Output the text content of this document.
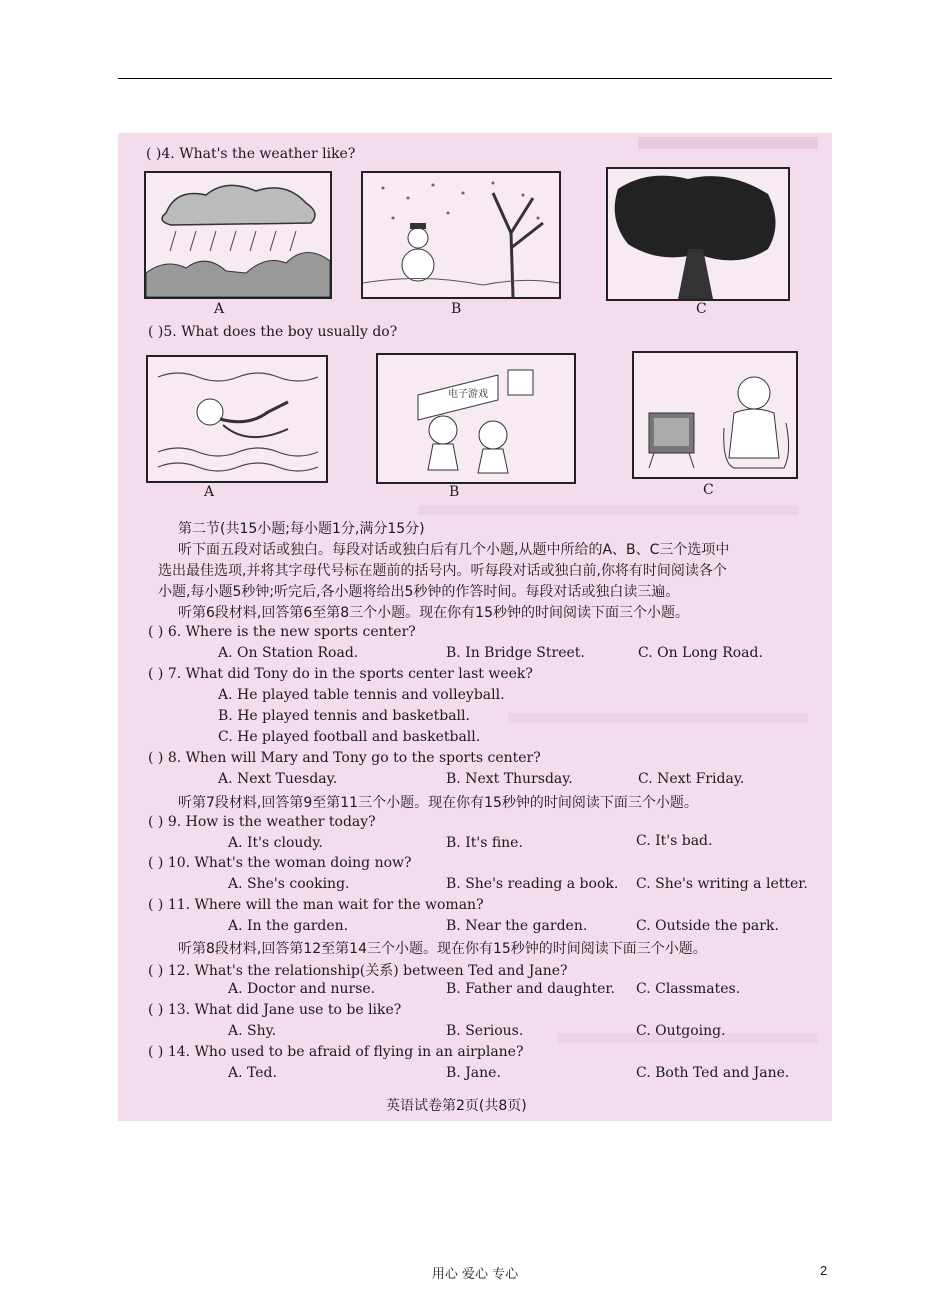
( )4. What's the weather like?
A	B	C
( )5. What does the boy usually do?
A
电子游戏
B	C
第二节(共15小题;每小题1分,满分15分)
听下面五段对话或独白。每段对话或独白后有几个小题,从题中所给的A、B、C三个选项中
选出最佳选项,并将其字母代号标在题前的括号内。听每段对话或独白前,你将有时间阅读各个
小题,每小题5秒钟;听完后,各小题将给出5秒钟的作答时间。每段对话或独白读三遍。
听第6段材料,回答第6至第8三个小题。现在你有15秒钟的时间阅读下面三个小题。
( ) 6. Where is the new sports center?
A. On Station Road.	B. In Bridge Street.	C. On Long Road.
( ) 7. What did Tony do in the sports center last week?
A. He played table tennis and volleyball.
B. He played tennis and basketball.
C. He played football and basketball.
( ) 8. When will Mary and Tony go to the sports center?
A. Next Tuesday.	B. Next Thursday.	C. Next Friday.
听第7段材料,回答第9至第11三个小题。现在你有15秒钟的时间阅读下面三个小题。
( ) 9. How is the weather today?
A. It's cloudy.	B. It's fine.	C. It's bad.
( ) 10. What's the woman doing now?
A. She's cooking.	B. She's reading a book. C. She's writing a letter.
( ) 11. Where will the man wait for the woman?
A. In the garden.	B. Near the garden.	C. Outside the park.
听第8段材料,回答第12至第14三个小题。现在你有15秒钟的时间阅读下面三个小题。
( ) 12. What's the relationship(关系) between Ted and Jane?
A. Doctor and nurse.	B. Father and daughter. C. Classmates.
( ) 13. What did Jane use to be like?
A. Shy.	B. Serious.	C. Outgoing.
( ) 14. Who used to be afraid of flying in an airplane?
A. Ted.	B. Jane.	C. Both Ted and Jane.
英语试卷第2页(共8页)
用心 爱心 专心	2
